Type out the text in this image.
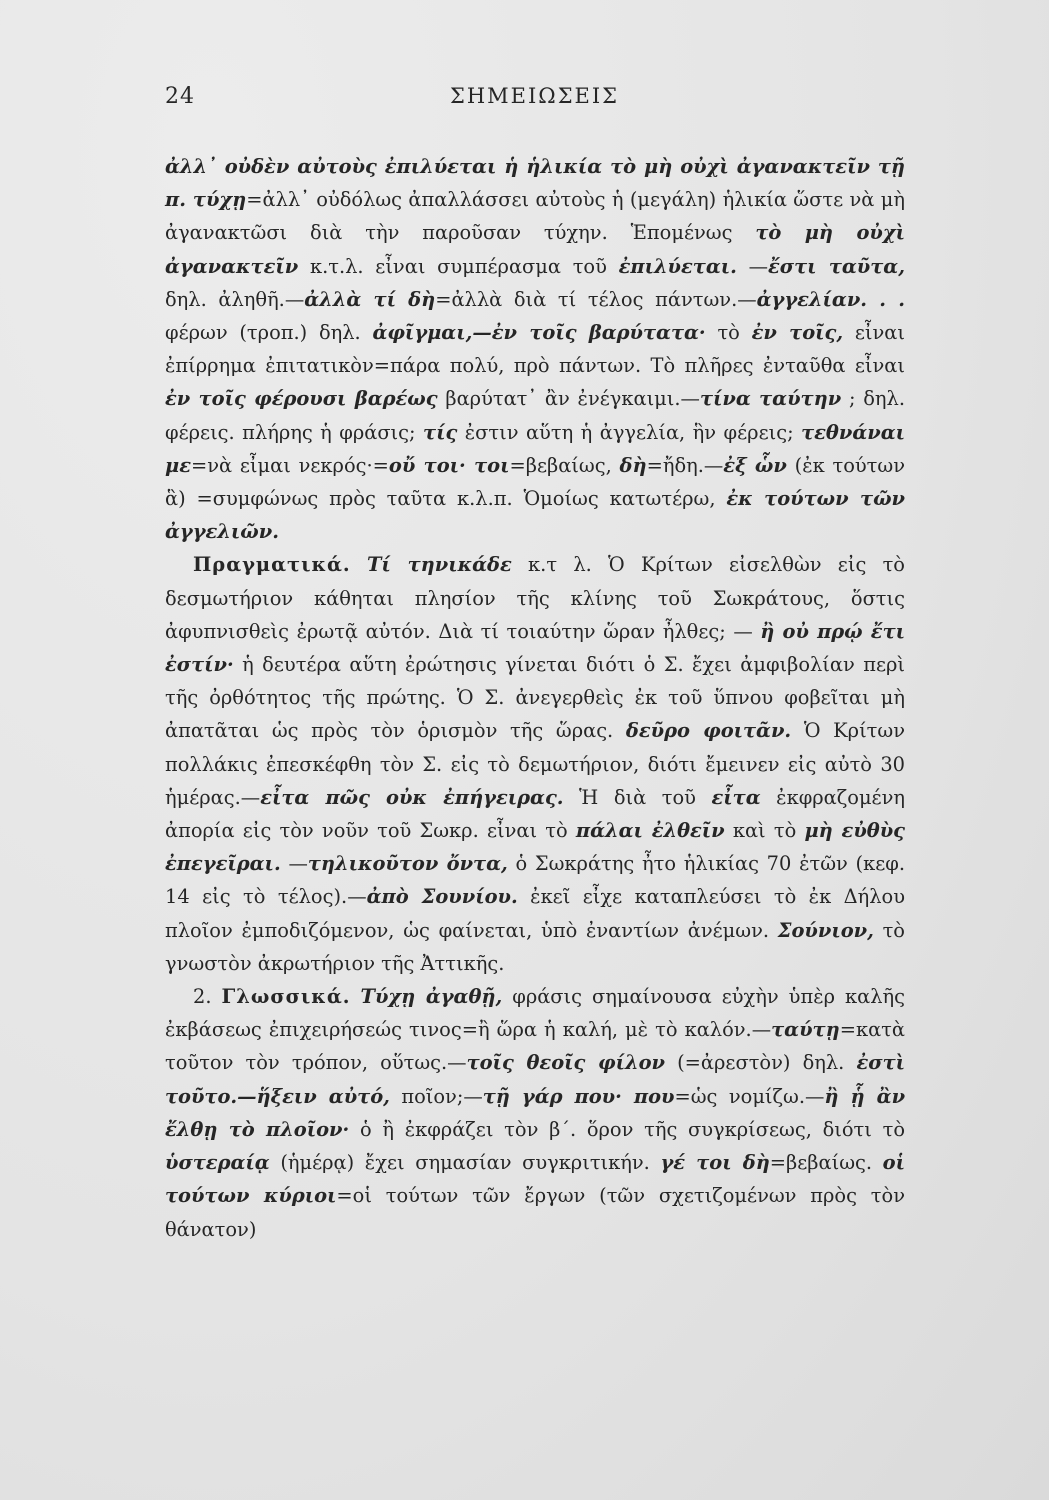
24	ΣΗΜΕΙΩΣΕΙΣ

ἀλλ᾽ οὐδὲν αὐτοὺς ἐπιλύεται ἡ ἡλικία τὸ μὴ οὐχὶ ἀγανακτεῖν τῇ π. τύχῃ=ἀλλ᾽ οὐδόλως ἀπαλλάσσει αὐτοὺς ἡ (μεγάλη) ἡλικία ὥστε νὰ μὴ ἀγανακτῶσι διὰ τὴν παροῦσαν τύχην. Ἑπομένως τὸ μὴ οὐχὶ ἀγανακτεῖν κ.τ.λ. εἶναι συμπέρασμα τοῦ ἐπιλύεται. —ἔστι ταῦτα, δηλ. ἀληθῆ.—ἀλλὰ τί δὴ=ἀλλὰ διὰ τί τέλος πάντων.—ἀγγελίαν. . . φέρων (τροπ.) δηλ. ἀφῖγμαι,—ἐν τοῖς βαρύτατα· τὸ ἐν τοῖς, εἶναι ἐπίρρημα ἐπιτατικὸν=πάρα πολύ, πρὸ πάντων. Τὸ πλῆρες ἐνταῦθα εἶναι ἐν τοῖς φέρουσι βαρέως βαρύτατ᾽ ἂν ἐνέγκαιμι.—τίνα ταύτην ; δηλ. φέρεις. πλήρης ἡ φράσις; τίς ἐστιν αὕτη ἡ ἀγγελία, ἣν φέρεις; τεθνάναι με=νὰ εἶμαι νεκρός·=οὔ τοι· τοι=βεβαίως, δὴ=ἤδη.—ἐξ ὧν (ἐκ τούτων ἃ) =συμφώνως πρὸς ταῦτα κ.λ.π. Ὁμοίως κατωτέρω, ἐκ τούτων τῶν ἀγγελιῶν.

Πραγματικά. Τί τηνικάδε κ.τ λ. Ὁ Κρίτων εἰσελθὼν εἰς τὸ δεσμωτήριον κάθηται πλησίον τῆς κλίνης τοῦ Σωκράτους, ὅστις ἀφυπνισθεὶς ἐρωτᾷ αὐτόν. Διὰ τί τοιαύτην ὥραν ἦλθες; — ἢ οὐ πρῴ ἔτι ἐστίν· ἡ δευτέρα αὕτη ἐρώτησις γίνεται διότι ὁ Σ. ἔχει ἀμφιβολίαν περὶ τῆς ὀρθότητος τῆς πρώτης. Ὁ Σ. ἀνεγερθεὶς ἐκ τοῦ ὕπνου φοβεῖται μὴ ἀπατᾶται ὡς πρὸς τὸν ὁρισμὸν τῆς ὥρας. δεῦρο φοιτᾶν. Ὁ Κρίτων πολλάκις ἐπεσκέφθη τὸν Σ. εἰς τὸ δεμωτήριον, διότι ἔμεινεν εἰς αὐτὸ 30 ἡμέρας.—εἶτα πῶς οὐκ ἐπήγειρας. Ἡ διὰ τοῦ εἶτα ἐκφραζομένη ἀπορία εἰς τὸν νοῦν τοῦ Σωκρ. εἶναι τὸ πάλαι ἐλθεῖν καὶ τὸ μὴ εὐθὺς ἐπεγεῖραι. —τηλικοῦτον ὄντα, ὁ Σωκράτης ἦτο ἡλικίας 70 ἐτῶν (κεφ. 14 εἰς τὸ τέλος).—ἀπὸ Σουνίου. ἐκεῖ εἶχε καταπλεύσει τὸ ἐκ Δήλου πλοῖον ἐμποδιζόμενον, ὡς φαίνεται, ὑπὸ ἐναντίων ἀνέμων. Σούνιον, τὸ γνωστὸν ἀκρωτήριον τῆς Ἀττικῆς.

2. Γλωσσικά. Τύχῃ ἀγαθῇ, φράσις σημαίνουσα εὐχὴν ὑπὲρ καλῆς ἐκβάσεως ἐπιχειρήσεώς τινος=ἢ ὥρα ἡ καλή, μὲ τὸ καλόν.—ταύτῃ=κατὰ τοῦτον τὸν τρόπον, οὕτως.—τοῖς θεοῖς φίλον (=ἀρεστὸν) δηλ. ἐστὶ τοῦτο.—ἥξειν αὐτό, ποῖον;—τῇ γάρ που· που=ὡς νομίζω.—ἢ ᾗ ἂν ἔλθῃ τὸ πλοῖον· ὁ ἢ ἐκφράζει τὸν β΄. ὅρον τῆς συγκρίσεως, διότι τὸ ὑστεραίᾳ (ἡμέρᾳ) ἔχει σημασίαν συγκριτικήν. γέ τοι δὴ=βεβαίως. οἱ τούτων κύριοι=οἱ τούτων τῶν ἔργων (τῶν σχετιζομένων πρὸς τὸν θάνατον)
